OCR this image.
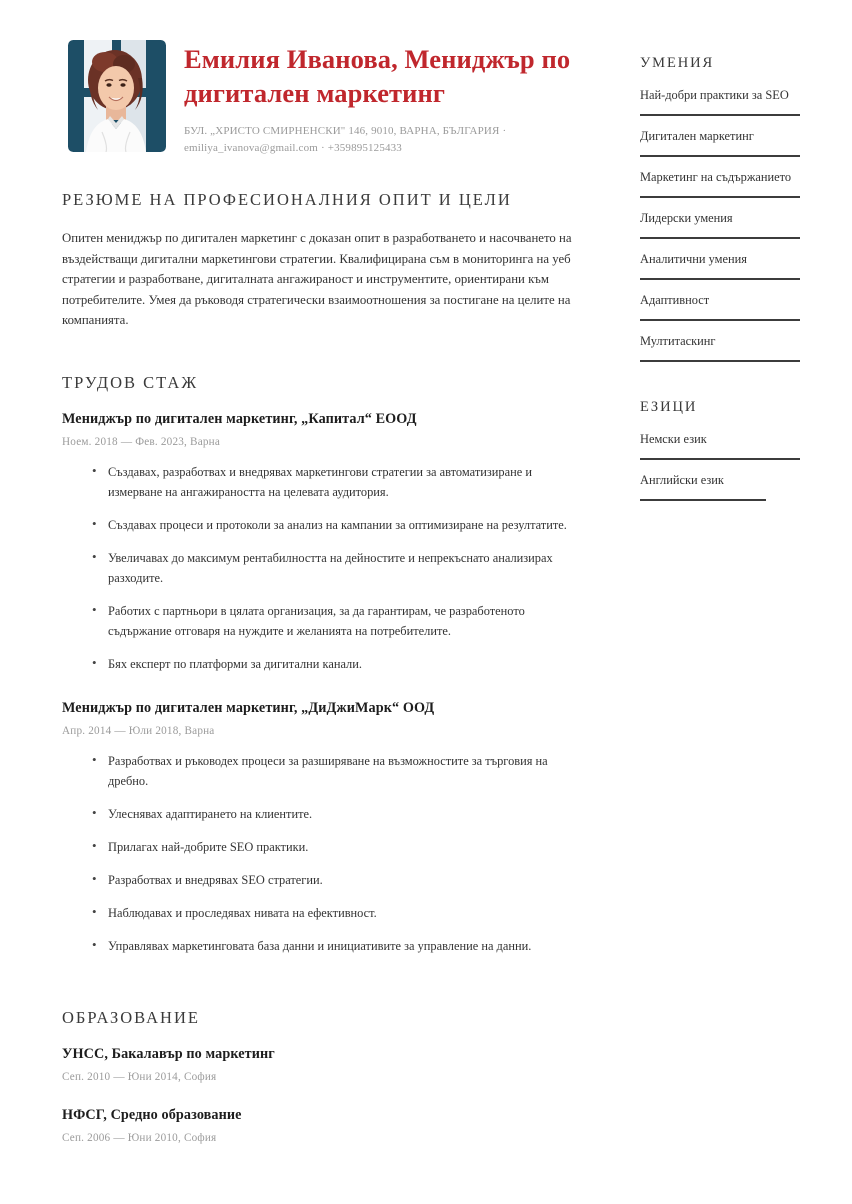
Емилия Иванова, Мениджър по дигитален маркетинг
БУЛ. „ХРИСТО СМИРНЕНСКИ" 146, 9010, ВАРНА, БЪЛГАРИЯ ·
emiliya_ivanova@gmail.com · +359895125433
РЕЗЮМЕ НА ПРОФЕСИОНАЛНИЯ ОПИТ И ЦЕЛИ

Опитен мениджър по дигитален маркетинг с доказан опит в разработването и насочването на въздействащи дигитални маркетингови стратегии. Квалифицирана съм в мониторинга на уеб стратегии и разработване, дигиталната ангажираност и инструментите, ориентирани към потребителите. Умея да ръководя стратегически взаимоотношения за постигане на целите на компанията.

ТРУДОВ СТАЖ
Мениджър по дигитален маркетинг, „Капитал“ ЕООД
Ноем. 2018 — Фев. 2023, Варна
• Създавах, разработвах и внедрявах маркетингови стратегии за автоматизиране и измерване на ангажираността на целевата аудитория.
• Създавах процеси и протоколи за анализ на кампании за оптимизиране на резултатите.
• Увеличавах до максимум рентабилността на дейностите и непрекъснато анализирах разходите.
• Работих с партньори в цялата организация, за да гарантирам, че разработеното съдържание отговаря на нуждите и желанията на потребителите.
• Бях експерт по платформи за дигитални канали.
Мениджър по дигитален маркетинг, „ДиДжиМарк“ ООД
Апр. 2014 — Юли 2018, Варна
• Разработвах и ръководех процеси за разширяване на възможностите за търговия на дребно.
• Улеснявах адаптирането на клиентите.
• Прилагах най-добрите SEO практики.
• Разработвах и внедрявах SEO стратегии.
• Наблюдавах и проследявах нивата на ефективност.
• Управлявах маркетинговата база данни и инициативите за управление на данни.
ОБРАЗОВАНИЕ
УНСС, Бакалавър по маркетинг
Сеп. 2010 — Юни 2014, София
НФСГ, Средно образование
Сеп. 2006 — Юни 2010, София
УМЕНИЯ
Най-добри практики за SEO
Дигитален маркетинг
Маркетинг на съдържанието
Лидерски умения
Аналитични умения
Адаптивност
Мултитаскинг
ЕЗИЦИ
Немски език
Английски език
